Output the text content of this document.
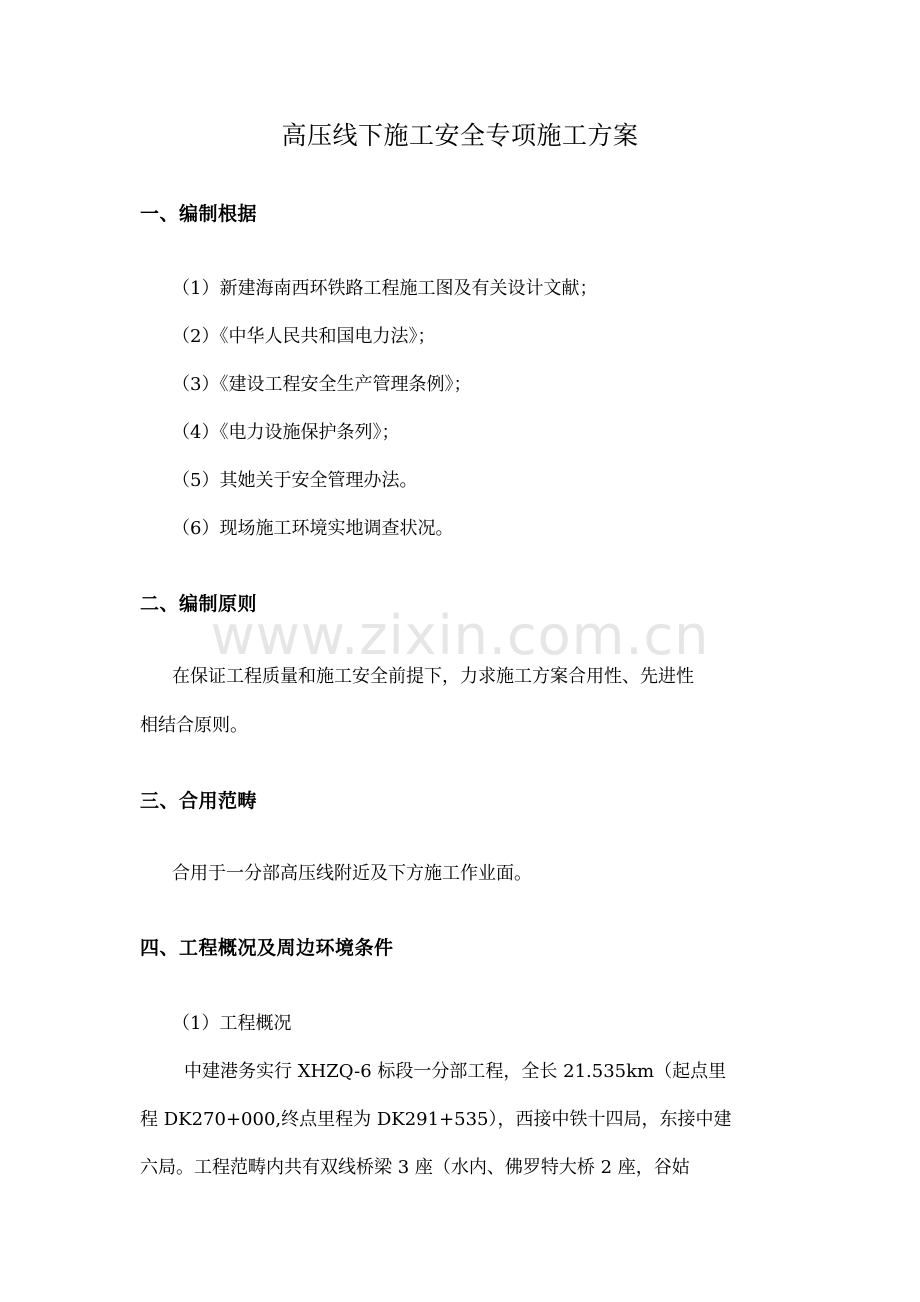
www.zixin.com.cn
高压线下施工安全专项施工方案
一、编制根据
（1）新建海南西环铁路工程施工图及有关设计文献；
（2）《中华人民共和国电力法》；
（3）《建设工程安全生产管理条例》；
（4）《电力设施保护条列》；
（5）其她关于安全管理办法。
（6）现场施工环境实地调查状况。
二、编制原则
在保证工程质量和施工安全前提下，力求施工方案合用性、先进性
相结合原则。
三、合用范畴
合用于一分部高压线附近及下方施工作业面。
四、工程概况及周边环境条件
（1）工程概况
中建港务实行 XHZQ-6 标段一分部工程，全长 21.535km（起点里
程 DK270+000,终点里程为 DK291+535），西接中铁十四局，东接中建
六局。工程范畴内共有双线桥梁 3 座（水内、佛罗特大桥 2 座，谷姑
